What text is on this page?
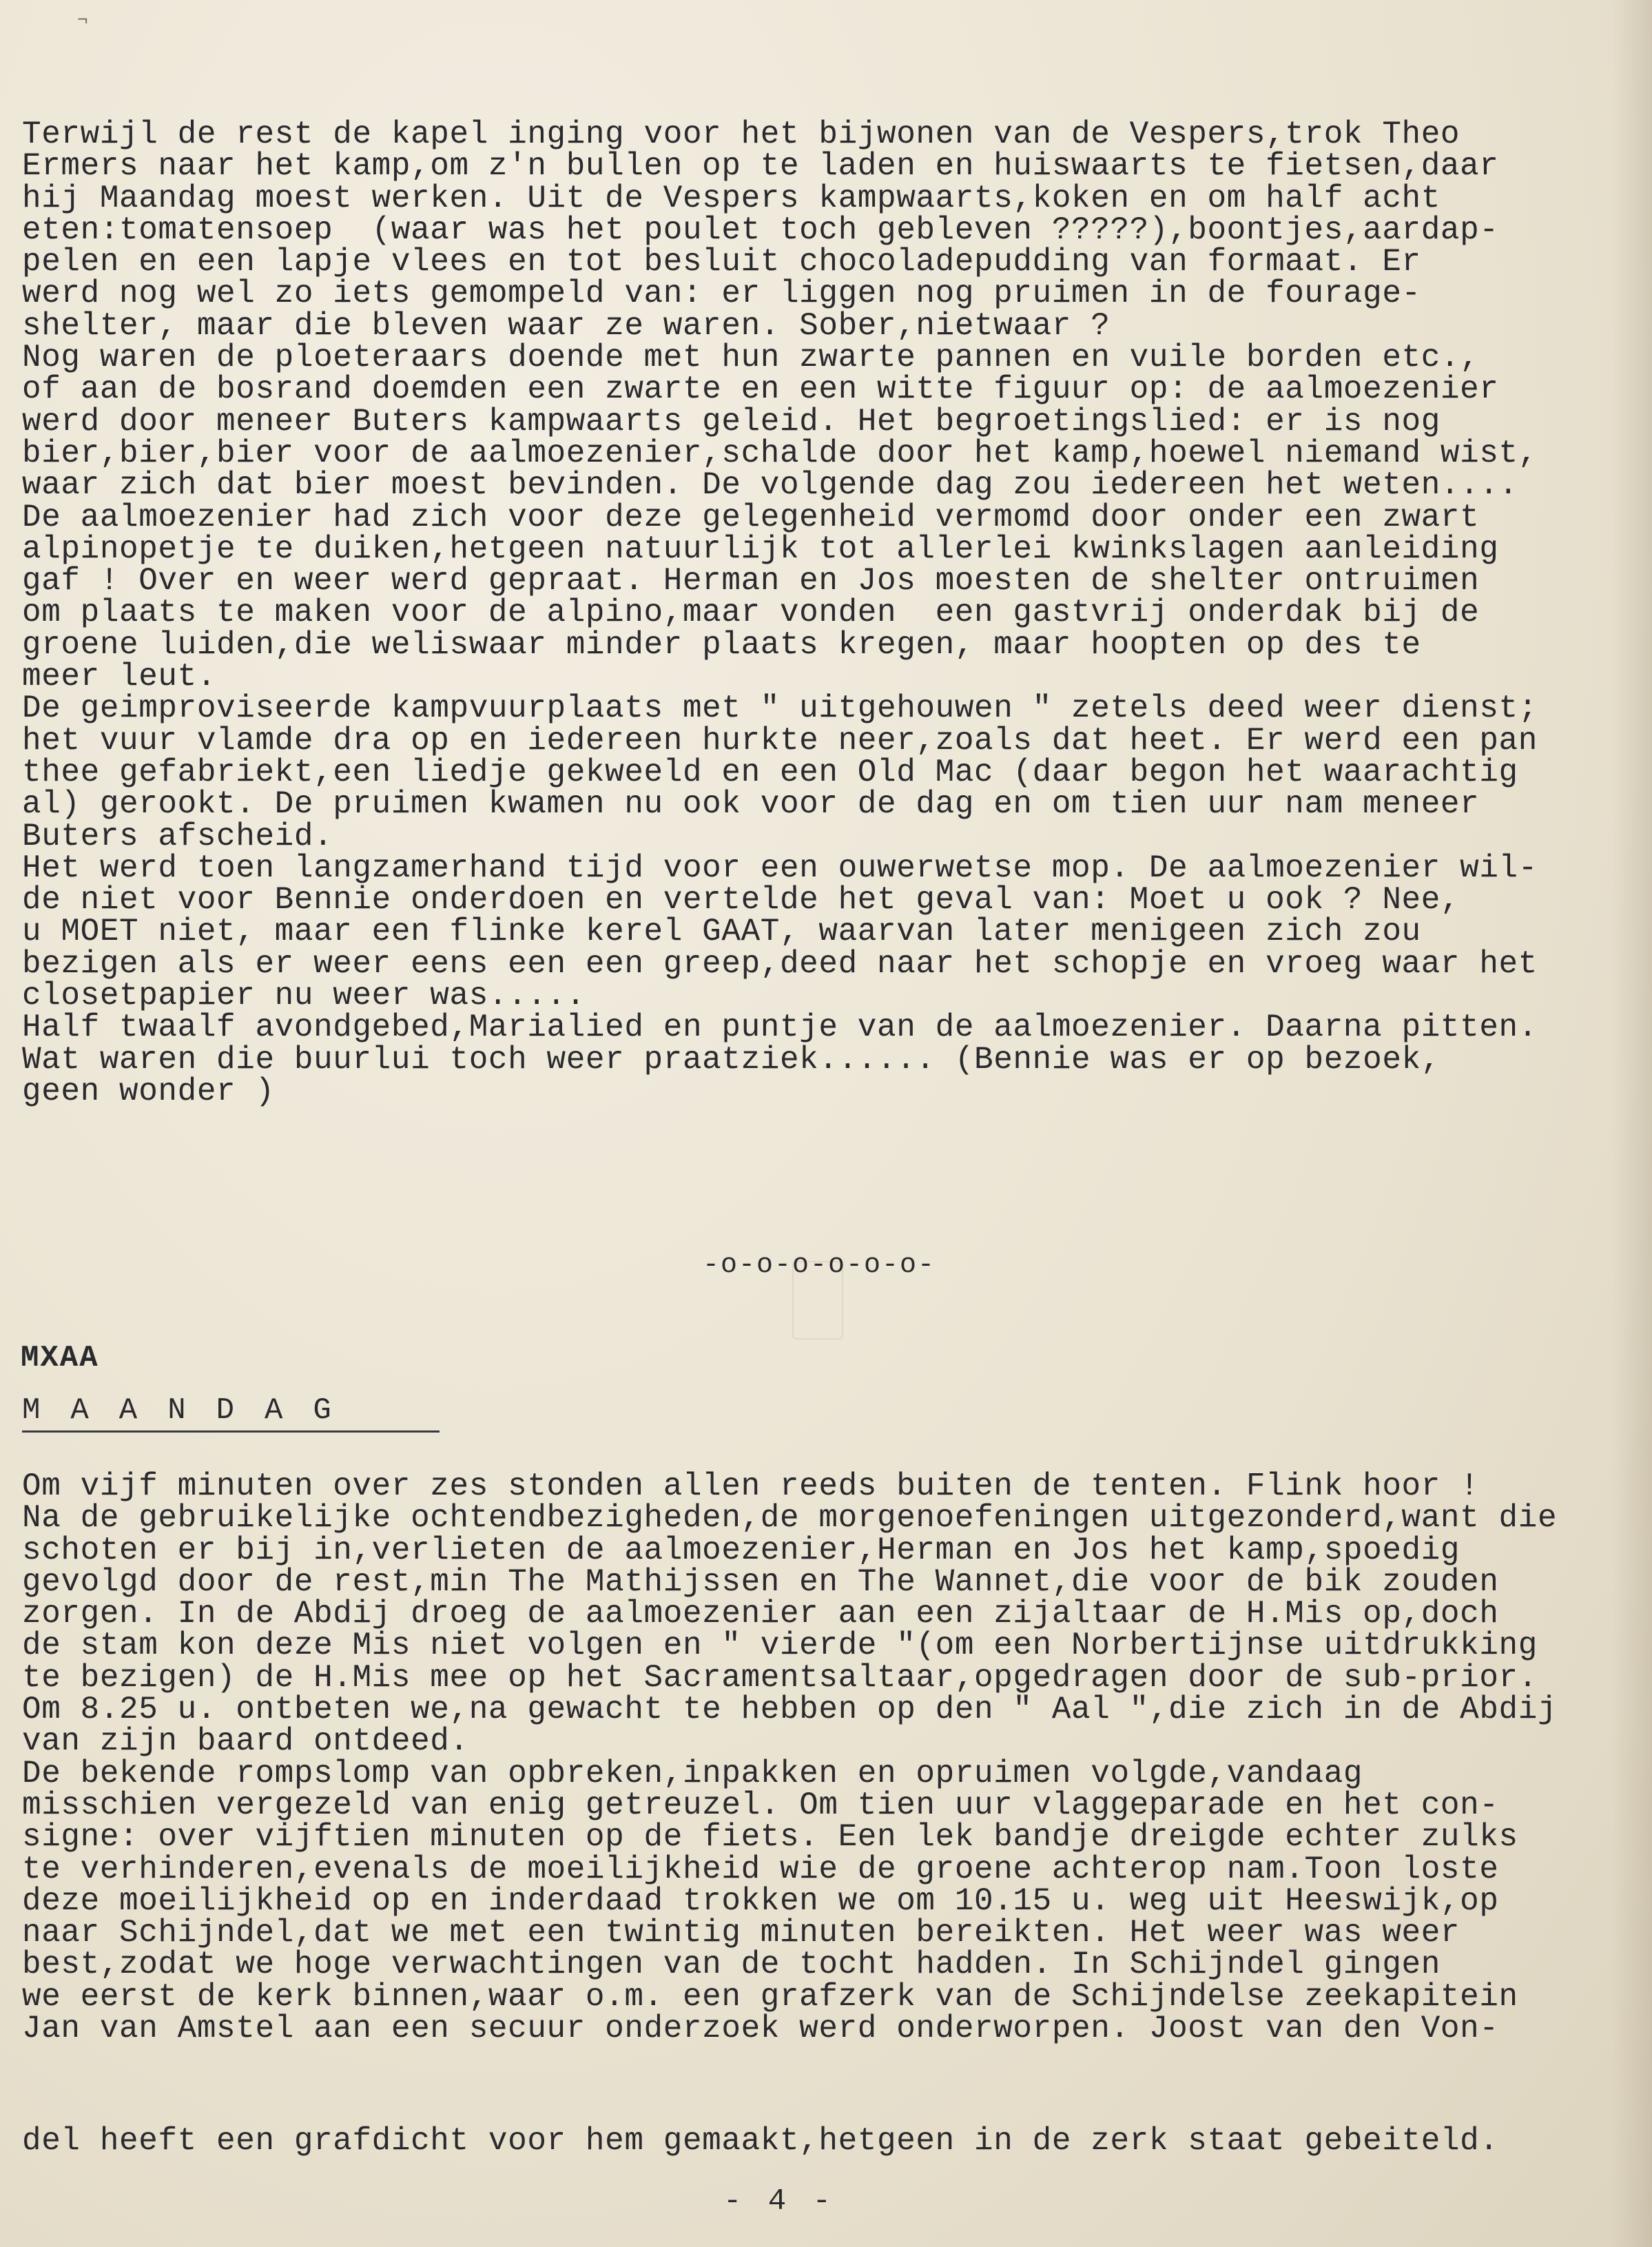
¬
Terwijl de rest de kapel inging voor het bijwonen van de Vespers,trok Theo
Ermers naar het kamp,om z'n bullen op te laden en huiswaarts te fietsen,daar
hij Maandag moest werken. Uit de Vespers kampwaarts,koken en om half acht
eten:tomatensoep  (waar was het poulet toch gebleven ?????),boontjes,aardap-
pelen en een lapje vlees en tot besluit chocoladepudding van formaat. Er
werd nog wel zo iets gemompeld van: er liggen nog pruimen in de fourage-
shelter, maar die bleven waar ze waren. Sober,nietwaar ?
Nog waren de ploeteraars doende met hun zwarte pannen en vuile borden etc.,
of aan de bosrand doemden een zwarte en een witte figuur op: de aalmoezenier
werd door meneer Buters kampwaarts geleid. Het begroetingslied: er is nog
bier,bier,bier voor de aalmoezenier,schalde door het kamp,hoewel niemand wist,
waar zich dat bier moest bevinden. De volgende dag zou iedereen het weten....
De aalmoezenier had zich voor deze gelegenheid vermomd door onder een zwart
alpinopetje te duiken,hetgeen natuurlijk tot allerlei kwinkslagen aanleiding
gaf ! Over en weer werd gepraat. Herman en Jos moesten de shelter ontruimen
om plaats te maken voor de alpino,maar vonden  een gastvrij onderdak bij de
groene luiden,die weliswaar minder plaats kregen, maar hoopten op des te
meer leut.
De geimproviseerde kampvuurplaats met " uitgehouwen " zetels deed weer dienst;
het vuur vlamde dra op en iedereen hurkte neer,zoals dat heet. Er werd een pan
thee gefabriekt,een liedje gekweeld en een Old Mac (daar begon het waarachtig
al) gerookt. De pruimen kwamen nu ook voor de dag en om tien uur nam meneer
Buters afscheid.
Het werd toen langzamerhand tijd voor een ouwerwetse mop. De aalmoezenier wil-
de niet voor Bennie onderdoen en vertelde het geval van: Moet u ook ? Nee,
u MOET niet, maar een flinke kerel GAAT, waarvan later menigeen zich zou
bezigen als er weer eens een een greep,deed naar het schopje en vroeg waar het
closetpapier nu weer was.....
Half twaalf avondgebed,Marialied en puntje van de aalmoezenier. Daarna pitten.
Wat waren die buurlui toch weer praatziek...... (Bennie was er op bezoek,
geen wonder )
-o-o-o-o-o-o-
MXAA
MAANDAG
Om vijf minuten over zes stonden allen reeds buiten de tenten. Flink hoor !
Na de gebruikelijke ochtendbezigheden,de morgenoefeningen uitgezonderd,want die
schoten er bij in,verlieten de aalmoezenier,Herman en Jos het kamp,spoedig
gevolgd door de rest,min The Mathijssen en The Wannet,die voor de bik zouden
zorgen. In de Abdij droeg de aalmoezenier aan een zijaltaar de H.Mis op,doch
de stam kon deze Mis niet volgen en " vierde "(om een Norbertijnse uitdrukking
te bezigen) de H.Mis mee op het Sacramentsaltaar,opgedragen door de sub-prior.
Om 8.25 u. ontbeten we,na gewacht te hebben op den " Aal ",die zich in de Abdij
van zijn baard ontdeed.
De bekende rompslomp van opbreken,inpakken en opruimen volgde,vandaag
misschien vergezeld van enig getreuzel. Om tien uur vlaggeparade en het con-
signe: over vijftien minuten op de fiets. Een lek bandje dreigde echter zulks
te verhinderen,evenals de moeilijkheid wie de groene achterop nam.Toon loste
deze moeilijkheid op en inderdaad trokken we om 10.15 u. weg uit Heeswijk,op
naar Schijndel,dat we met een twintig minuten bereikten. Het weer was weer
best,zodat we hoge verwachtingen van de tocht hadden. In Schijndel gingen
we eerst de kerk binnen,waar o.m. een grafzerk van de Schijndelse zeekapitein
Jan van Amstel aan een secuur onderzoek werd onderworpen. Joost van den Von-
del heeft een grafdicht voor hem gemaakt,hetgeen in de zerk staat gebeiteld.
- 4 -
